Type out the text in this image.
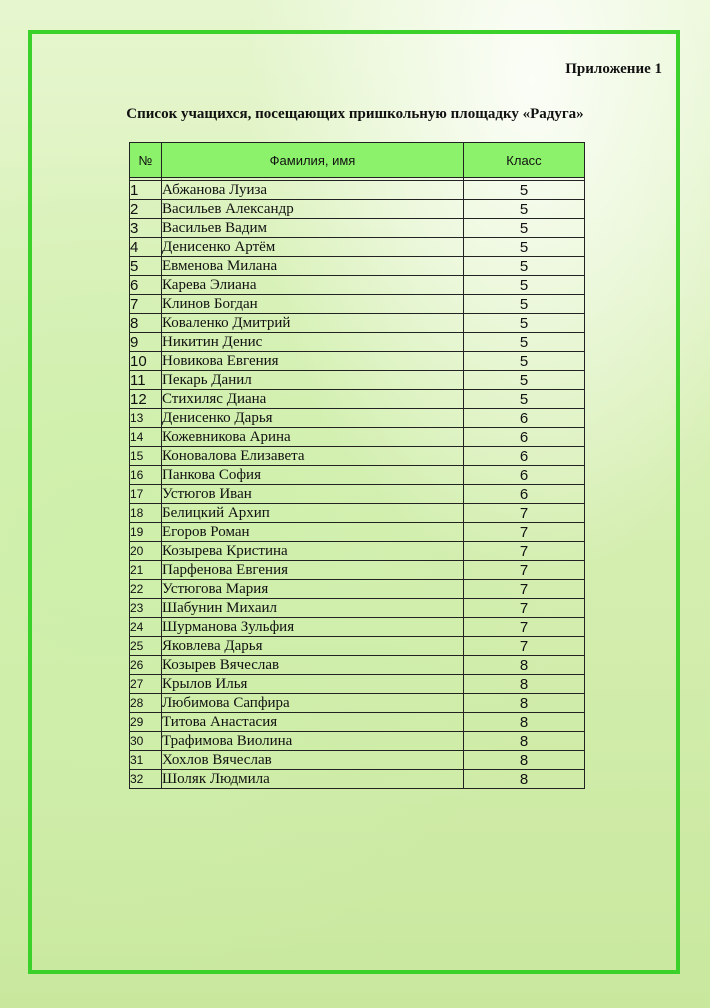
Приложение 1
Список учащихся, посещающих пришкольную площадку «Радуга»
№	Фамилия, имя	Класс

1	Абжанова Луиза	5
2	Васильев Александр	5
3	Васильев Вадим	5
4	Денисенко Артём	5
5	Евменова Милана	5
6	Карева Элиана	5
7	Клинов Богдан	5
8	Коваленко Дмитрий	5
9	Никитин Денис	5
10	Новикова Евгения	5
11	Пекарь Данил	5
12	Стихиляс Диана	5
13	Денисенко Дарья	6
14	Кожевникова Арина	6
15	Коновалова Елизавета	6
16	Панкова София	6
17	Устюгов Иван	6
18	Белицкий Архип	7
19	Егоров Роман	7
20	Козырева Кристина	7
21	Парфенова Евгения	7
22	Устюгова Мария	7
23	Шабунин Михаил	7
24	Шурманова Зульфия	7
25	Яковлева Дарья	7
26	Козырев Вячеслав	8
27	Крылов Илья	8
28	Любимова Сапфира	8
29	Титова Анастасия	8
30	Трафимова Виолина	8
31	Хохлов Вячеслав	8
32	Шоляк Людмила	8
